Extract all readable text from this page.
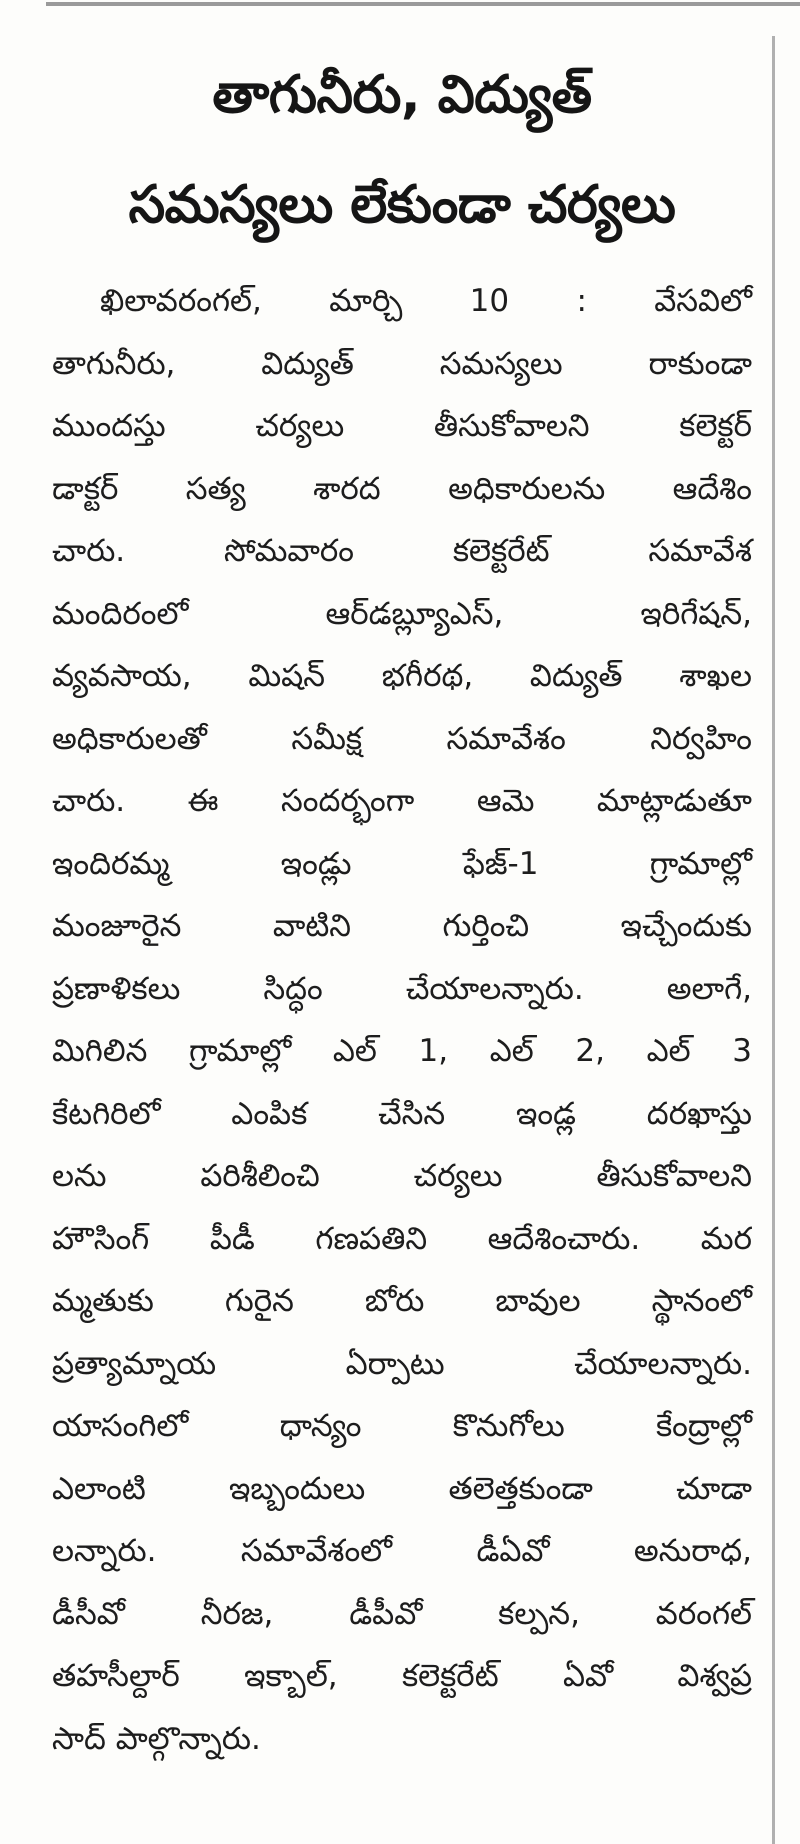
తాగునీరు, విద్యుత్
సమస్యలు లేకుండా చర్యలు
ఖిలావరంగల్, మార్చి 10 : వేసవిలో
తాగునీరు, విద్యుత్ సమస్యలు రాకుండా
ముందస్తు చర్యలు తీసుకోవాలని కలెక్టర్
డాక్టర్ సత్య శారద అధికారులను ఆదేశిం
చారు. సోమవారం కలెక్టరేట్ సమావేశ
మందిరంలో ఆర్‌డబ్ల్యూఎస్, ఇరిగేషన్,
వ్యవసాయ, మిషన్ భగీరథ, విద్యుత్ శాఖల
అధికారులతో సమీక్ష సమావేశం నిర్వహిం
చారు. ఈ సందర్భంగా ఆమె మాట్లాడుతూ
ఇందిరమ్మ ఇండ్లు ఫేజ్-1 గ్రామాల్లో
మంజూరైన వాటిని గుర్తించి ఇచ్చేందుకు
ప్రణాళికలు సిద్ధం చేయాలన్నారు. అలాగే,
మిగిలిన గ్రామాల్లో ఎల్ 1, ఎల్ 2, ఎల్ 3
కేటగిరిలో ఎంపిక చేసిన ఇండ్ల దరఖాస్తు
లను పరిశీలించి చర్యలు తీసుకోవాలని
హౌసింగ్ పీడీ గణపతిని ఆదేశించారు. మర
మ్మతుకు గురైన బోరు బావుల స్థానంలో
ప్రత్యామ్నాయ ఏర్పాటు చేయాలన్నారు.
యాసంగిలో ధాన్యం కొనుగోలు కేంద్రాల్లో
ఎలాంటి ఇబ్బందులు తలెత్తకుండా చూడా
లన్నారు. సమావేశంలో డీఏవో అనురాధ,
డీసీవో నీరజ, డీపీవో కల్పన, వరంగల్
తహసీల్దార్ ఇక్బాల్, కలెక్టరేట్ ఏవో విశ్వప్ర
సాద్ పాల్గొన్నారు.
